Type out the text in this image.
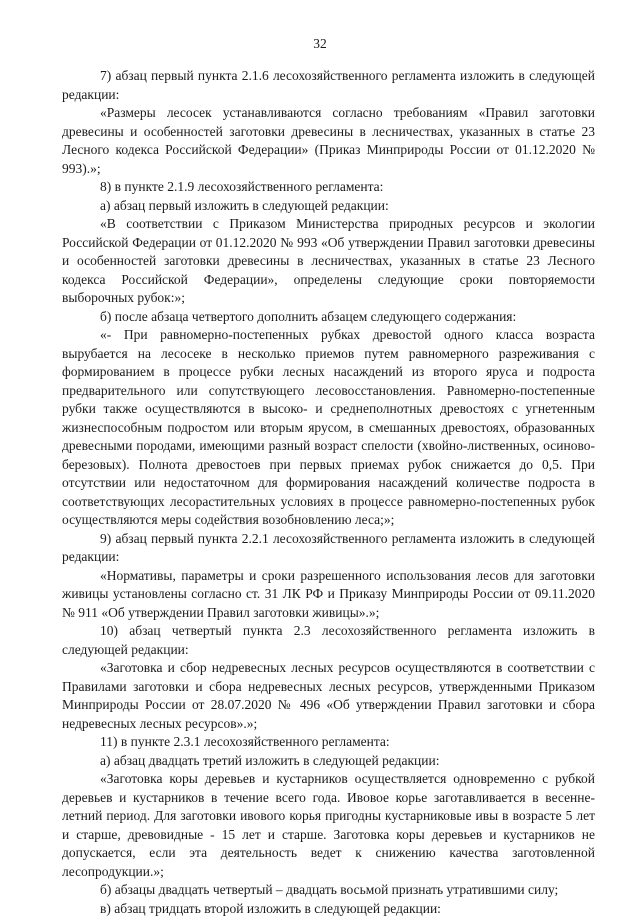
32

7) абзац первый пункта 2.1.6 лесохозяйственного регламента изложить в следующей редакции:

«Размеры лесосек устанавливаются согласно требованиям «Правил заготовки древесины и особенностей заготовки древесины в лесничествах, указанных в статье 23 Лесного кодекса Российской Федерации» (Приказ Минприроды России от 01.12.2020 № 993).»;

8) в пункте 2.1.9 лесохозяйственного регламента:

а) абзац первый изложить в следующей редакции:

«В соответствии с Приказом Министерства природных ресурсов и экологии Российской Федерации от 01.12.2020 № 993 «Об утверждении Правил заготовки древесины и особенностей заготовки древесины в лесничествах, указанных в статье 23 Лесного кодекса Российской Федерации», определены следующие сроки повторяемости выборочных рубок:»;

б) после абзаца четвертого дополнить абзацем следующего содержания:

«- При равномерно-постепенных рубках древостой одного класса возраста вырубается на лесосеке в несколько приемов путем равномерного разреживания с формированием в процессе рубки лесных насаждений из второго яруса и подроста предварительного или сопутствующего лесовосстановления. Равномерно-постепенные рубки также осуществляются в высоко- и среднеполнотных древостоях с угнетенным жизнеспособным подростом или вторым ярусом, в смешанных древостоях, образованных древесными породами, имеющими разный возраст спелости (хвойно-лиственных, осиново-березовых). Полнота древостоев при первых приемах рубок снижается до 0,5. При отсутствии или недостаточном для формирования насаждений количестве подроста в соответствующих лесорастительных условиях в процессе равномерно-постепенных рубок осуществляются меры содействия возобновлению леса;»;

9) абзац первый пункта 2.2.1 лесохозяйственного регламента изложить в следующей редакции:

«Нормативы, параметры и сроки разрешенного использования лесов для заготовки живицы установлены согласно ст. 31 ЛК РФ и Приказу Минприроды России от 09.11.2020 № 911 «Об утверждении Правил заготовки живицы».»;

10) абзац четвертый пункта 2.3 лесохозяйственного регламента изложить в следующей редакции:

«Заготовка и сбор недревесных лесных ресурсов осуществляются в соответствии с Правилами заготовки и сбора недревесных лесных ресурсов, утвержденными Приказом Минприроды России от 28.07.2020 № 496 «Об утверждении Правил заготовки и сбора недревесных лесных ресурсов».»;

11) в пункте 2.3.1 лесохозяйственного регламента:

а) абзац двадцать третий изложить в следующей редакции:

«Заготовка коры деревьев и кустарников осуществляется одновременно с рубкой деревьев и кустарников в течение всего года. Ивовое корье заготавливается в весенне-летний период. Для заготовки ивового корья пригодны кустарниковые ивы в возрасте 5 лет и старше, древовидные - 15 лет и старше. Заготовка коры деревьев и кустарников не допускается, если эта деятельность ведет к снижению качества заготовленной лесопродукции.»;

б) абзацы двадцать четвертый – двадцать восьмой признать утратившими силу;

в) абзац тридцать второй изложить в следующей редакции:
